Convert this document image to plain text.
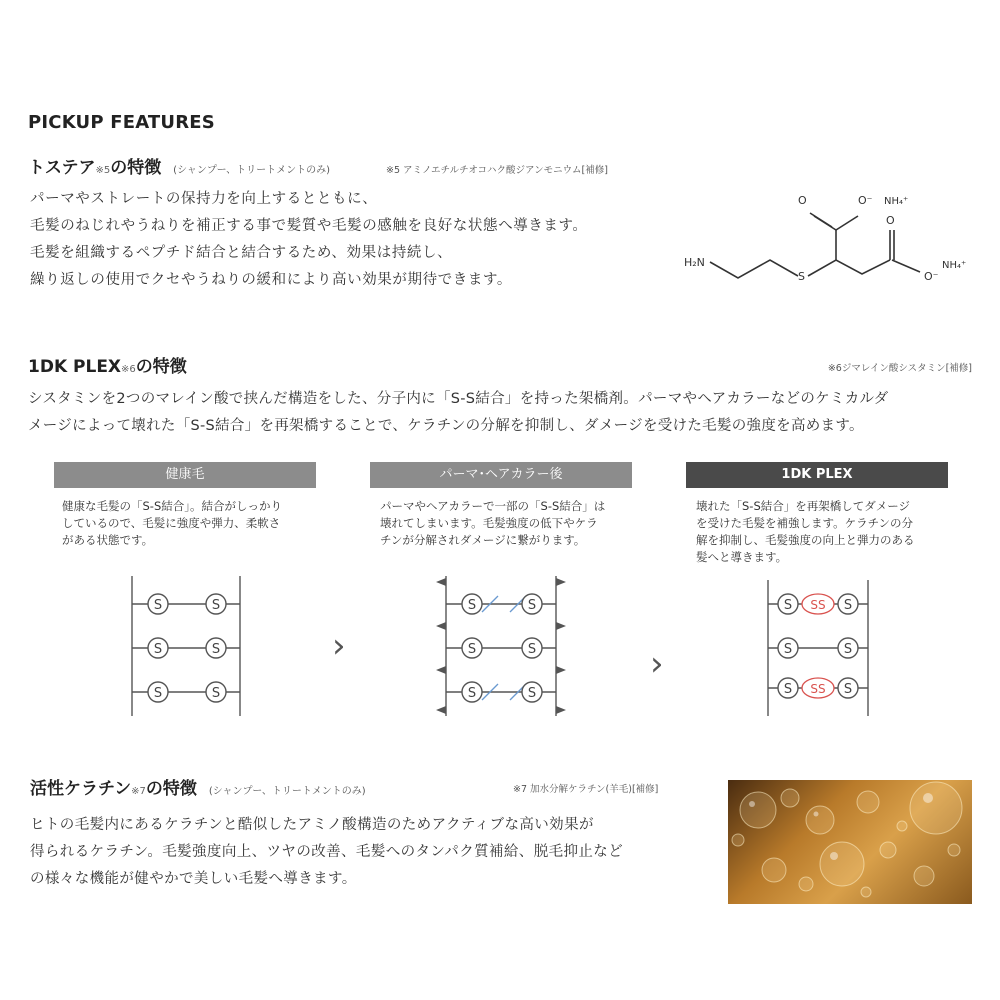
PICKUP FEATURES
トステア※5の特徴 (シャンプー、トリートメントのみ)	※5 アミノエチルチオコハク酸ジアンモニウム[補修]
パーマやストレートの保持力を向上するとともに、
毛髪のねじれやうねりを補正する事で髪質や毛髪の感触を良好な状態へ導きます。
毛髪を組織するペプチド結合と結合するため、効果は持続し、
繰り返しの使用でクセやうねりの緩和により高い効果が期待できます。
H₂N
S
O	O⁻ NH₄⁺
O
O⁻
NH₄⁺
1DK PLEX※6の特徴	※6ジマレイン酸シスタミン[補修]
シスタミンを2つのマレイン酸で挟んだ構造をした、分子内に「S-S結合」を持った架橋剤。パーマやヘアカラーなどのケミカルダ
メージによって壊れた「S-S結合」を再架橋することで、ケラチンの分解を抑制し、ダメージを受けた毛髪の強度を高めます。
健康毛
健康な毛髪の「S-S結合」。結合がしっかり
しているので、毛髪に強度や弾力、柔軟さ
がある状態です。
パーマ･ヘアカラー後
パーマやヘアカラーで一部の「S-S結合」は
壊れてしまいます。毛髪強度の低下やケラ
チンが分解されダメージに繋がります。
1DK PLEX
壊れた「S-S結合」を再架橋してダメージ
を受けた毛髪を補強します。ケラチンの分
解を抑制し、毛髪強度の向上と弾力のある
髪へと導きます。
S	S
S	S
S	S
›
S	S
S	S
S	S
›
S	S
S	S
S	S
SS
SS
活性ケラチン※7の特徴 (シャンプー、トリートメントのみ)	※7 加水分解ケラチン(羊毛)[補修]
ヒトの毛髪内にあるケラチンと酷似したアミノ酸構造のためアクティブな高い効果が
得られるケラチン。毛髪強度向上、ツヤの改善、毛髪へのタンパク質補給、脱毛抑止など
の様々な機能が健やかで美しい毛髪へ導きます。
